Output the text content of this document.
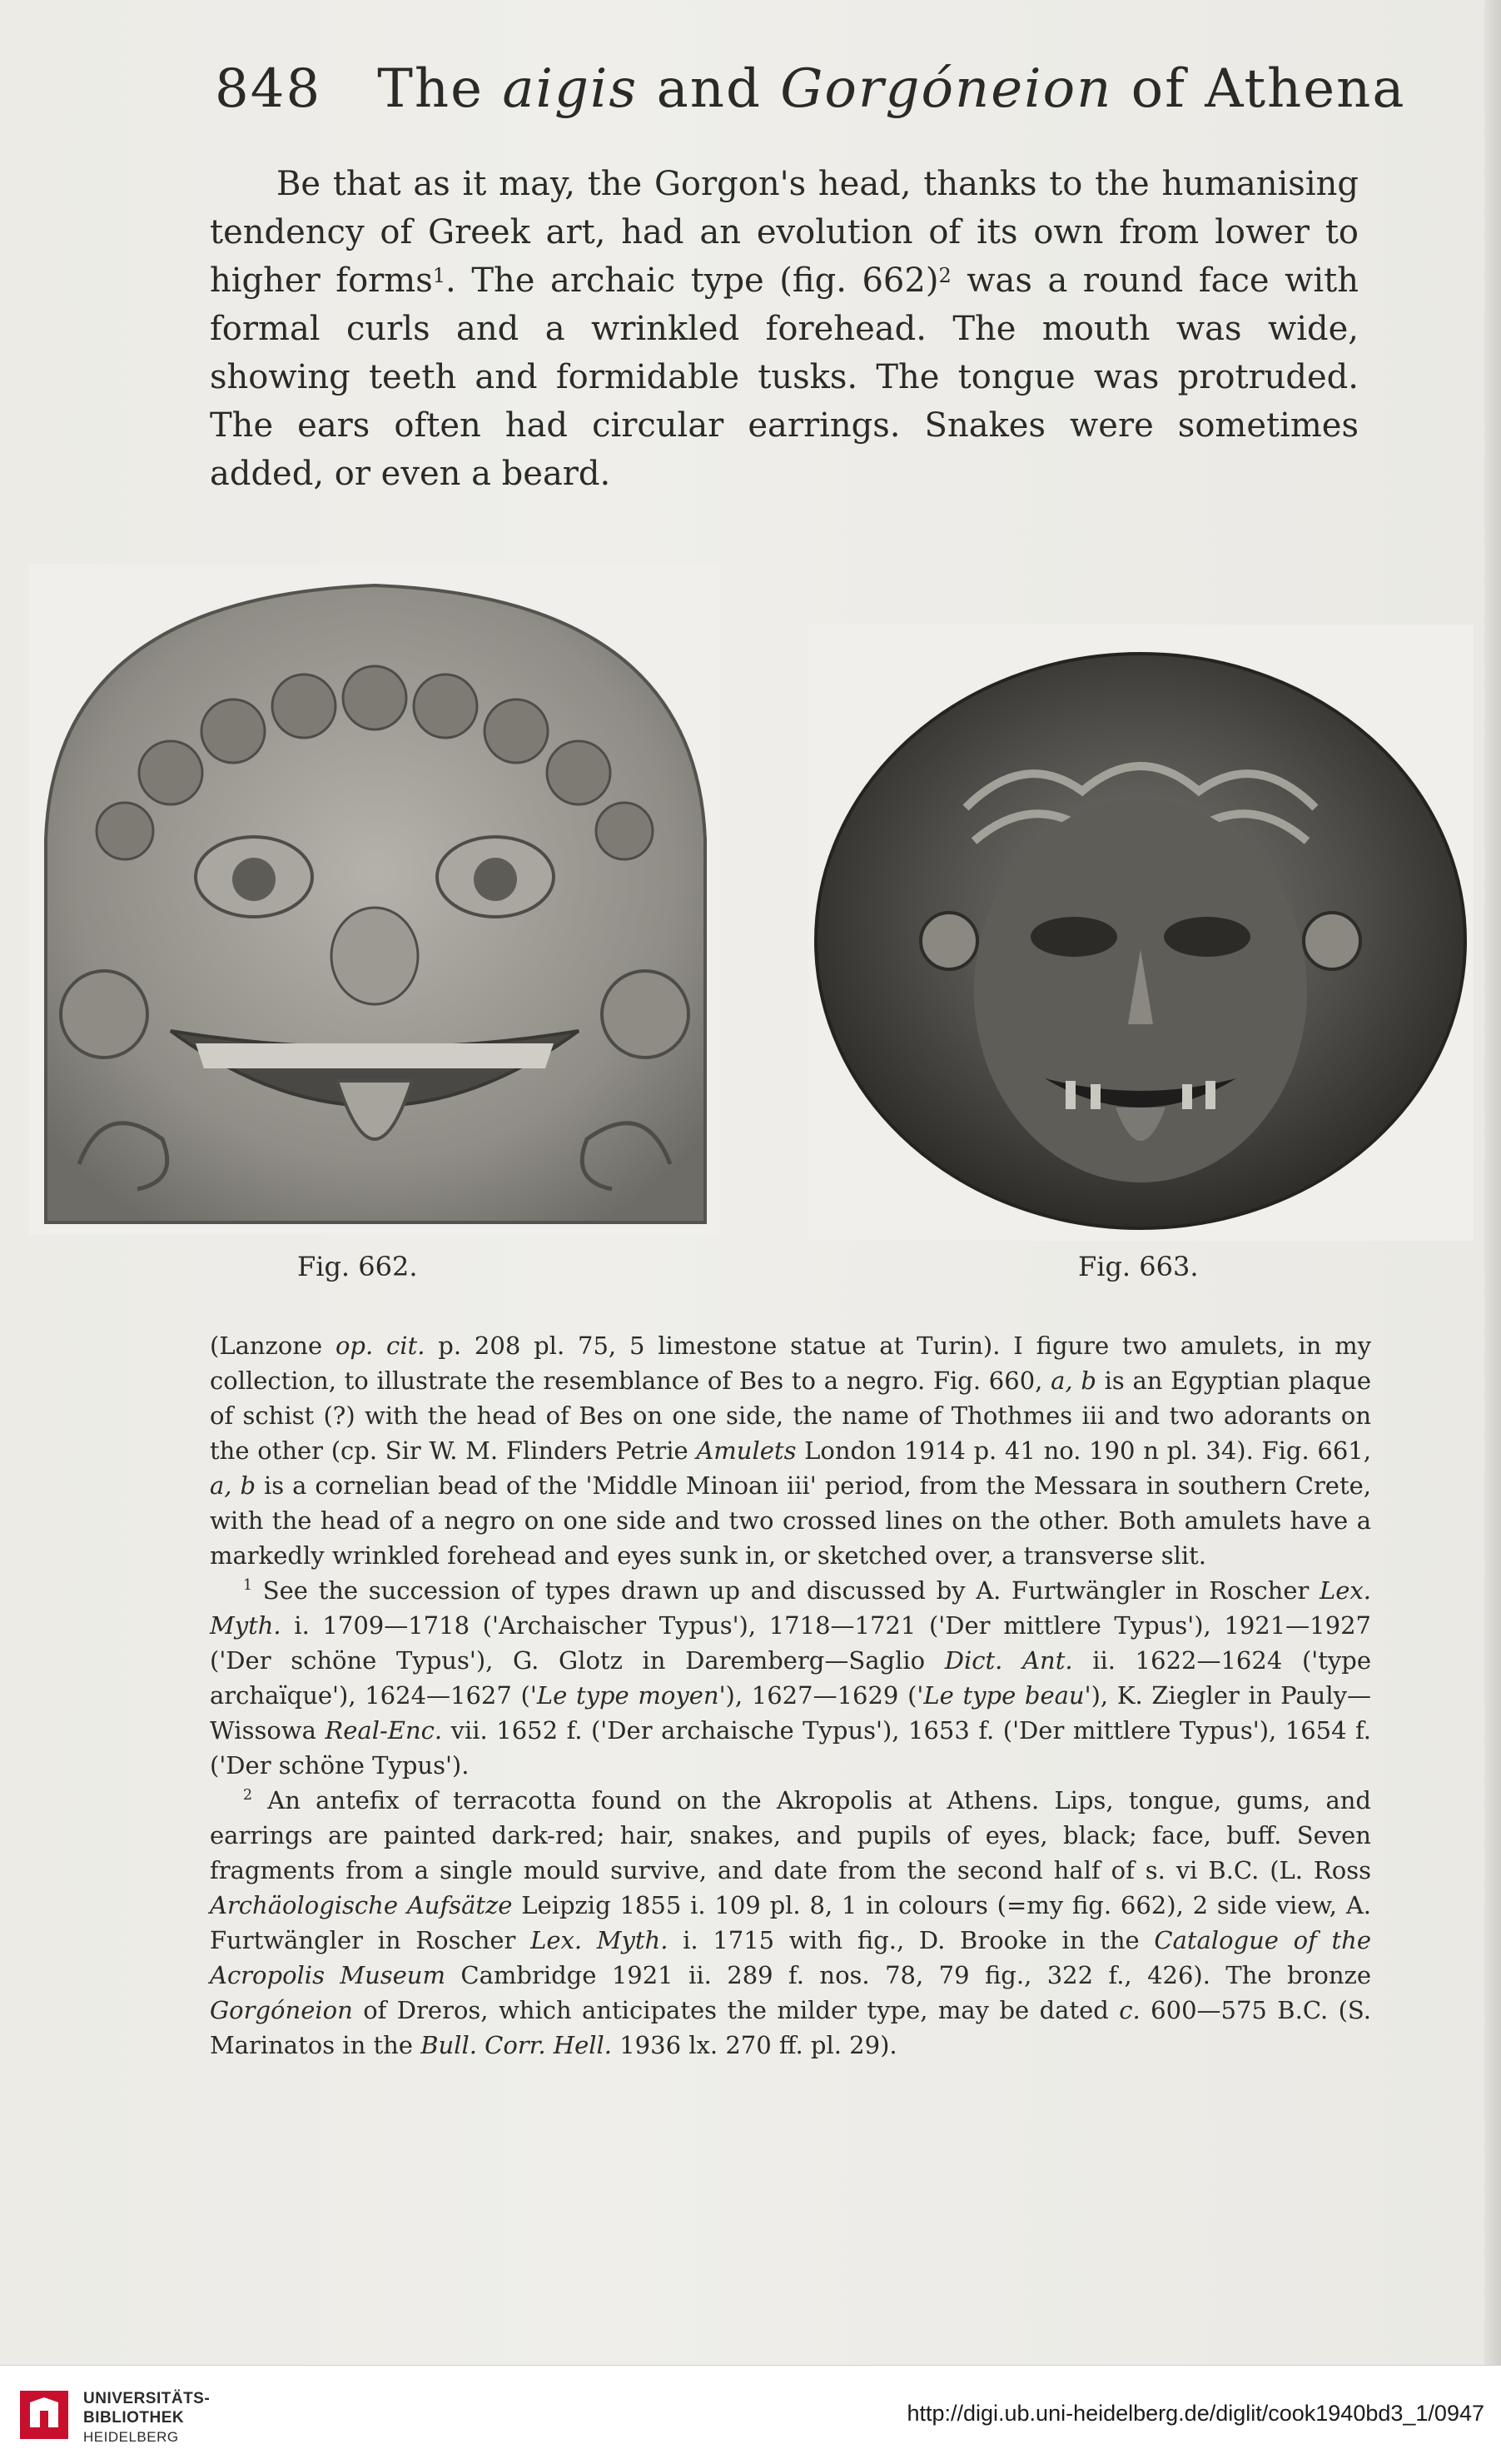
848 The aigis and Gorgóneion of Athena

Be that as it may, the Gorgon's head, thanks to the humanising tendency of Greek art, had an evolution of its own from lower to higher forms$^1$. The archaic type (fig. 662)$^2$ was a round face with formal curls and a wrinkled forehead. The mouth was wide, showing teeth and formidable tusks. The tongue was protruded. The ears often had circular earrings. Snakes were sometimes added, or even a beard.

Fig. 662.	Fig. 663.

(Lanzone op. cit. p. 208 pl. 75, 5 limestone statue at Turin). I figure two amulets, in my collection, to illustrate the resemblance of Bes to a negro. Fig. 660, a, b is an Egyptian plaque of schist (?) with the head of Bes on one side, the name of Thothmes iii and two adorants on the other (cp. Sir W. M. Flinders Petrie Amulets London 1914 p. 41 no. 190 n pl. 34). Fig. 661, a, b is a cornelian bead of the 'Middle Minoan iii' period, from the Messara in southern Crete, with the head of a negro on one side and two crossed lines on the other. Both amulets have a markedly wrinkled forehead and eyes sunk in, or sketched over, a transverse slit.

$^1$ See the succession of types drawn up and discussed by A. Furtwängler in Roscher Lex. Myth. i. 1709—1718 ('Archaischer Typus'), 1718—1721 ('Der mittlere Typus'), 1921—1927 ('Der schöne Typus'), G. Glotz in Daremberg—Saglio Dict. Ant. ii. 1622—1624 ('type archaïque'), 1624—1627 ('Le type moyen'), 1627—1629 ('Le type beau'), K. Ziegler in Pauly—Wissowa Real-Enc. vii. 1652 f. ('Der archaische Typus'), 1653 f. ('Der mittlere Typus'), 1654 f. ('Der schöne Typus').

$^2$ An antefix of terracotta found on the Akropolis at Athens. Lips, tongue, gums, and earrings are painted dark-red; hair, snakes, and pupils of eyes, black; face, buff. Seven fragments from a single mould survive, and date from the second half of s. vi B.C. (L. Ross Archäologische Aufsätze Leipzig 1855 i. 109 pl. 8, 1 in colours (=my fig. 662), 2 side view, A. Furtwängler in Roscher Lex. Myth. i. 1715 with fig., D. Brooke in the Catalogue of the Acropolis Museum Cambridge 1921 ii. 289 f. nos. 78, 79 fig., 322 f., 426). The bronze Gorgóneion of Dreros, which anticipates the milder type, may be dated c. 600—575 B.C. (S. Marinatos in the Bull. Corr. Hell. 1936 lx. 270 ff. pl. 29).

UNIVERSITÄTS-
BIBLIOTHEK
HEIDELBERG
http://digi.ub.uni-heidelberg.de/diglit/cook1940bd3_1/0947
